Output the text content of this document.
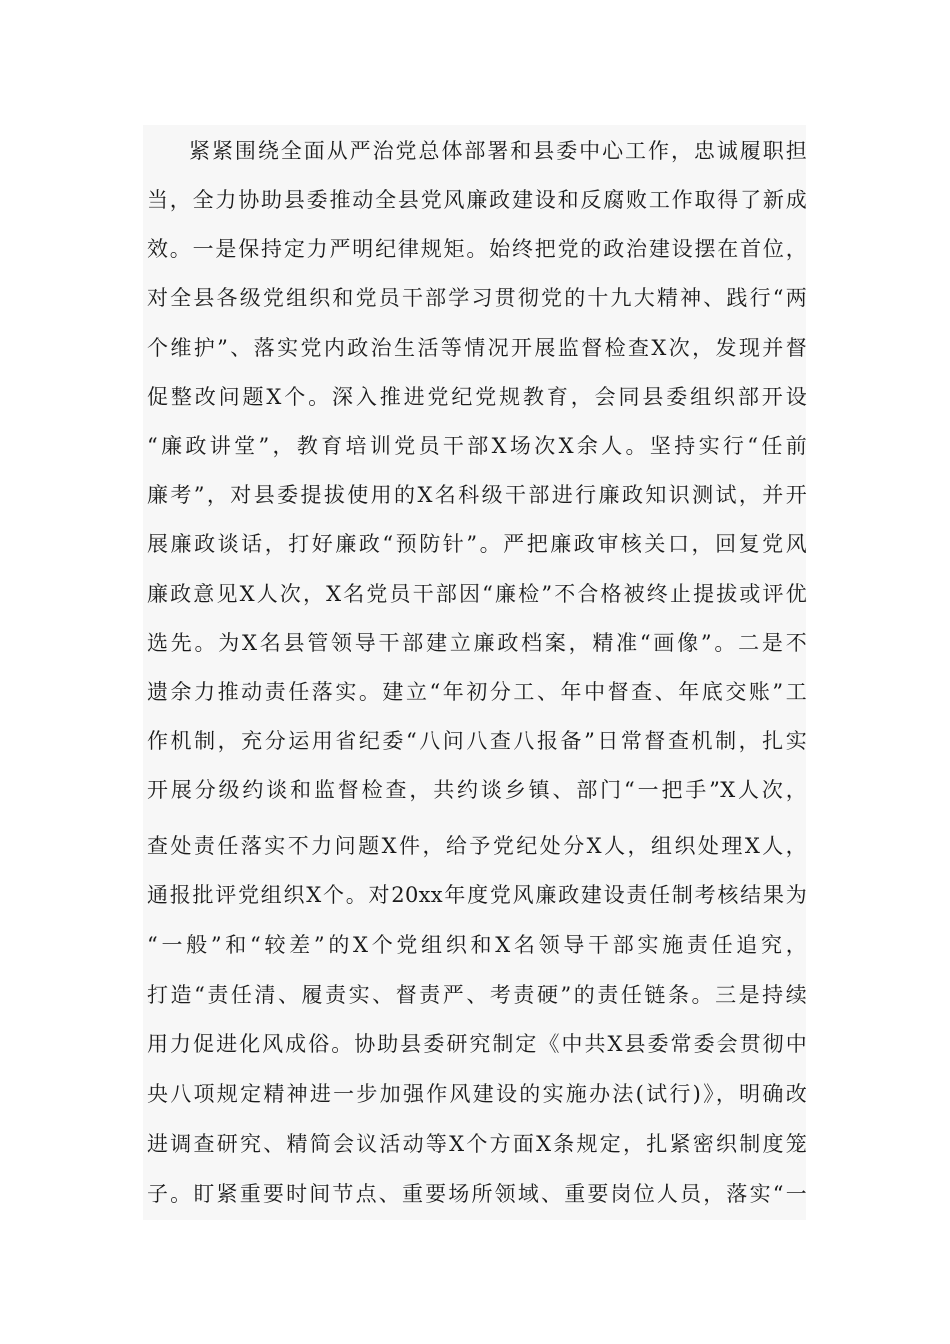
紧紧围绕全面从严治党总体部署和县委中心工作，忠诚履职担
当，全力协助县委推动全县党风廉政建设和反腐败工作取得了新成
效。一是保持定力严明纪律规矩。始终把党的政治建设摆在首位，
对全县各级党组织和党员干部学习贯彻党的十九大精神、践行“两
个维护”、落实党内政治生活等情况开展监督检查X次，发现并督
促整改问题X个。深入推进党纪党规教育，会同县委组织部开设
“廉政讲堂”，教育培训党员干部X场次X余人。坚持实行“任前
廉考”，对县委提拔使用的X名科级干部进行廉政知识测试，并开
展廉政谈话，打好廉政“预防针”。严把廉政审核关口，回复党风
廉政意见X人次，X名党员干部因“廉检”不合格被终止提拔或评优
选先。为X名县管领导干部建立廉政档案，精准“画像”。二是不
遗余力推动责任落实。建立“年初分工、年中督查、年底交账”工
作机制，充分运用省纪委“八问八查八报备”日常督查机制，扎实
开展分级约谈和监督检查，共约谈乡镇、部门“一把手”X人次，
查处责任落实不力问题X件，给予党纪处分X人，组织处理X人，
通报批评党组织X个。对20xx年度党风廉政建设责任制考核结果为
“一般”和“较差”的X个党组织和X名领导干部实施责任追究，
打造“责任清、履责实、督责严、考责硬”的责任链条。三是持续
用力促进化风成俗。协助县委研究制定《中共X县委常委会贯彻中
央八项规定精神进一步加强作风建设的实施办法(试行)》，明确改
进调查研究、精简会议活动等X个方面X条规定，扎紧密织制度笼
子。盯紧重要时间节点、重要场所领域、重要岗位人员，落实“一
